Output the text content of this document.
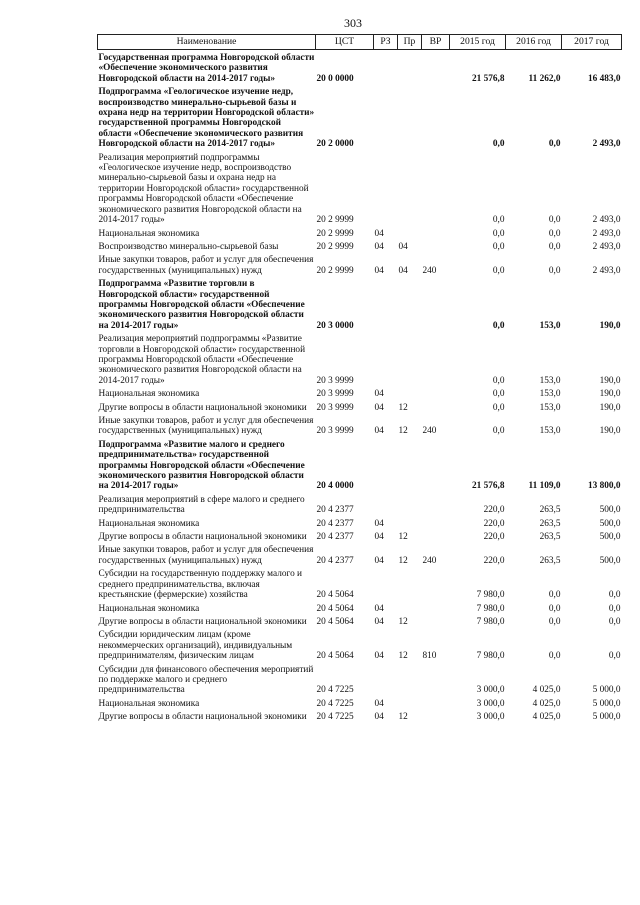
303
Наименование	ЦСТ	РЗ	Пр	ВР	2015 год	2016 год	2017 год
Государственная программа Новгородской области «Обеспечение экономического развития Новгородской области на 2014-2017 годы»	20 0 0000				21 576,8	11 262,0	16 483,0
Подпрограмма «Геологическое изучение недр, воспроизводство минерально-сырьевой базы и охрана недр на территории Новгородской области» государственной программы Новгородской области «Обеспечение экономического развития Новгородской области на 2014-2017 годы»	20 2 0000				0,0	0,0	2 493,0
Реализация мероприятий подпрограммы «Геологическое изучение недр, воспроизводство минерально-сырьевой базы и охрана недр на территории Новгородской области» государственной программы Новгородской области «Обеспечение экономического развития Новгородской области на 2014-2017 годы»	20 2 9999				0,0	0,0	2 493,0
Национальная экономика	20 2 9999	04			0,0	0,0	2 493,0
Воспроизводство минерально-сырьевой базы	20 2 9999	04	04		0,0	0,0	2 493,0
Иные закупки товаров, работ и услуг для обеспечения государственных (муниципальных) нужд	20 2 9999	04	04	240	0,0	0,0	2 493,0
Подпрограмма «Развитие торговли в Новгородской области» государственной программы Новгородской области «Обеспечение экономического развития Новгородской области на 2014-2017 годы»	20 3 0000				0,0	153,0	190,0
Реализация мероприятий подпрограммы «Развитие торговли в Новгородской области» государственной программы Новгородской области «Обеспечение экономического развития Новгородской области на 2014-2017 годы»	20 3 9999				0,0	153,0	190,0
Национальная экономика	20 3 9999	04			0,0	153,0	190,0
Другие вопросы в области национальной экономики	20 3 9999	04	12		0,0	153,0	190,0
Иные закупки товаров, работ и услуг для обеспечения государственных (муниципальных) нужд	20 3 9999	04	12	240	0,0	153,0	190,0
Подпрограмма «Развитие малого и среднего предпринимательства» государственной программы Новгородской области «Обеспечение экономического развития Новгородской области на 2014-2017 годы»	20 4 0000				21 576,8	11 109,0	13 800,0
Реализация мероприятий в сфере малого и среднего предпринимательства	20 4 2377				220,0	263,5	500,0
Национальная экономика	20 4 2377	04			220,0	263,5	500,0
Другие вопросы в области национальной экономики	20 4 2377	04	12		220,0	263,5	500,0
Иные закупки товаров, работ и услуг для обеспечения государственных (муниципальных) нужд	20 4 2377	04	12	240	220,0	263,5	500,0
Субсидии на государственную поддержку малого и среднего предпринимательства, включая крестьянские (фермерские) хозяйства	20 4 5064				7 980,0	0,0	0,0
Национальная экономика	20 4 5064	04			7 980,0	0,0	0,0
Другие вопросы в области национальной экономики	20 4 5064	04	12		7 980,0	0,0	0,0
Субсидии юридическим лицам (кроме некоммерческих организаций), индивидуальным предпринимателям, физическим лицам	20 4 5064	04	12	810	7 980,0	0,0	0,0
Субсидии для финансового обеспечения мероприятий по поддержке малого и среднего предпринимательства	20 4 7225				3 000,0	4 025,0	5 000,0
Национальная экономика	20 4 7225	04			3 000,0	4 025,0	5 000,0
Другие вопросы в области национальной экономики	20 4 7225	04	12		3 000,0	4 025,0	5 000,0
